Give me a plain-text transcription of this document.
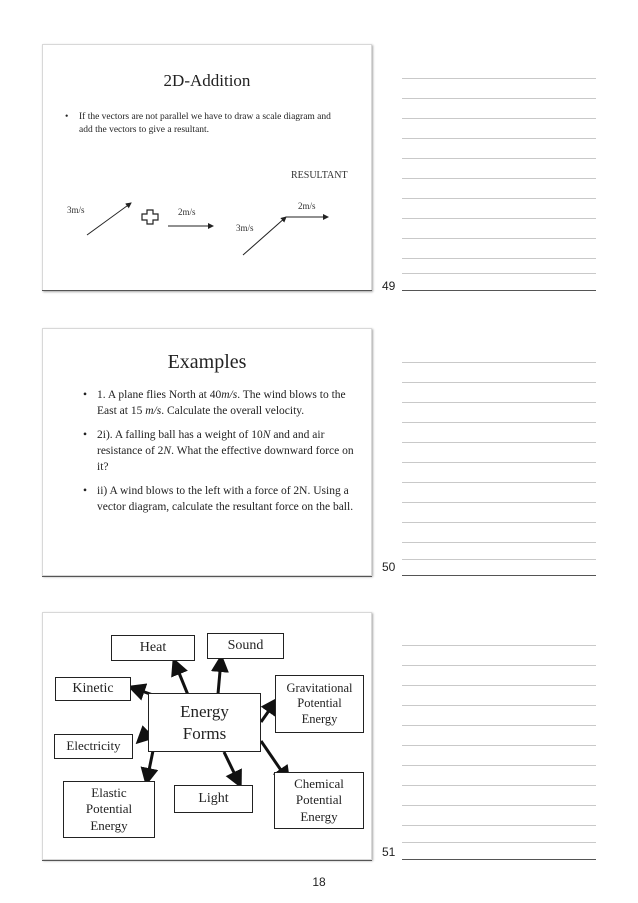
2D-Addition
• If the vectors are not parallel we have to draw a scale diagram and add the vectors to give a resultant.
RESULTANT
3m/s	2m/s
3m/s
2m/s
49
Examples
• 1. A plane flies North at 40m/s. The wind blows to the East at 15 m/s. Calculate the overall velocity.
• 2i). A falling ball has a weight of 10N and and air resistance of 2N. What the effective downward force on it?
• ii) A wind blows to the left with a force of 2N. Using a vector diagram, calculate the resultant force on the ball.
50
Energy
Forms
Heat	Sound
Kinetic	Gravitational
Potential
Energy
Electricity
Elastic
Potential
Energy
Light
Chemical
Potential
Energy
51
18
